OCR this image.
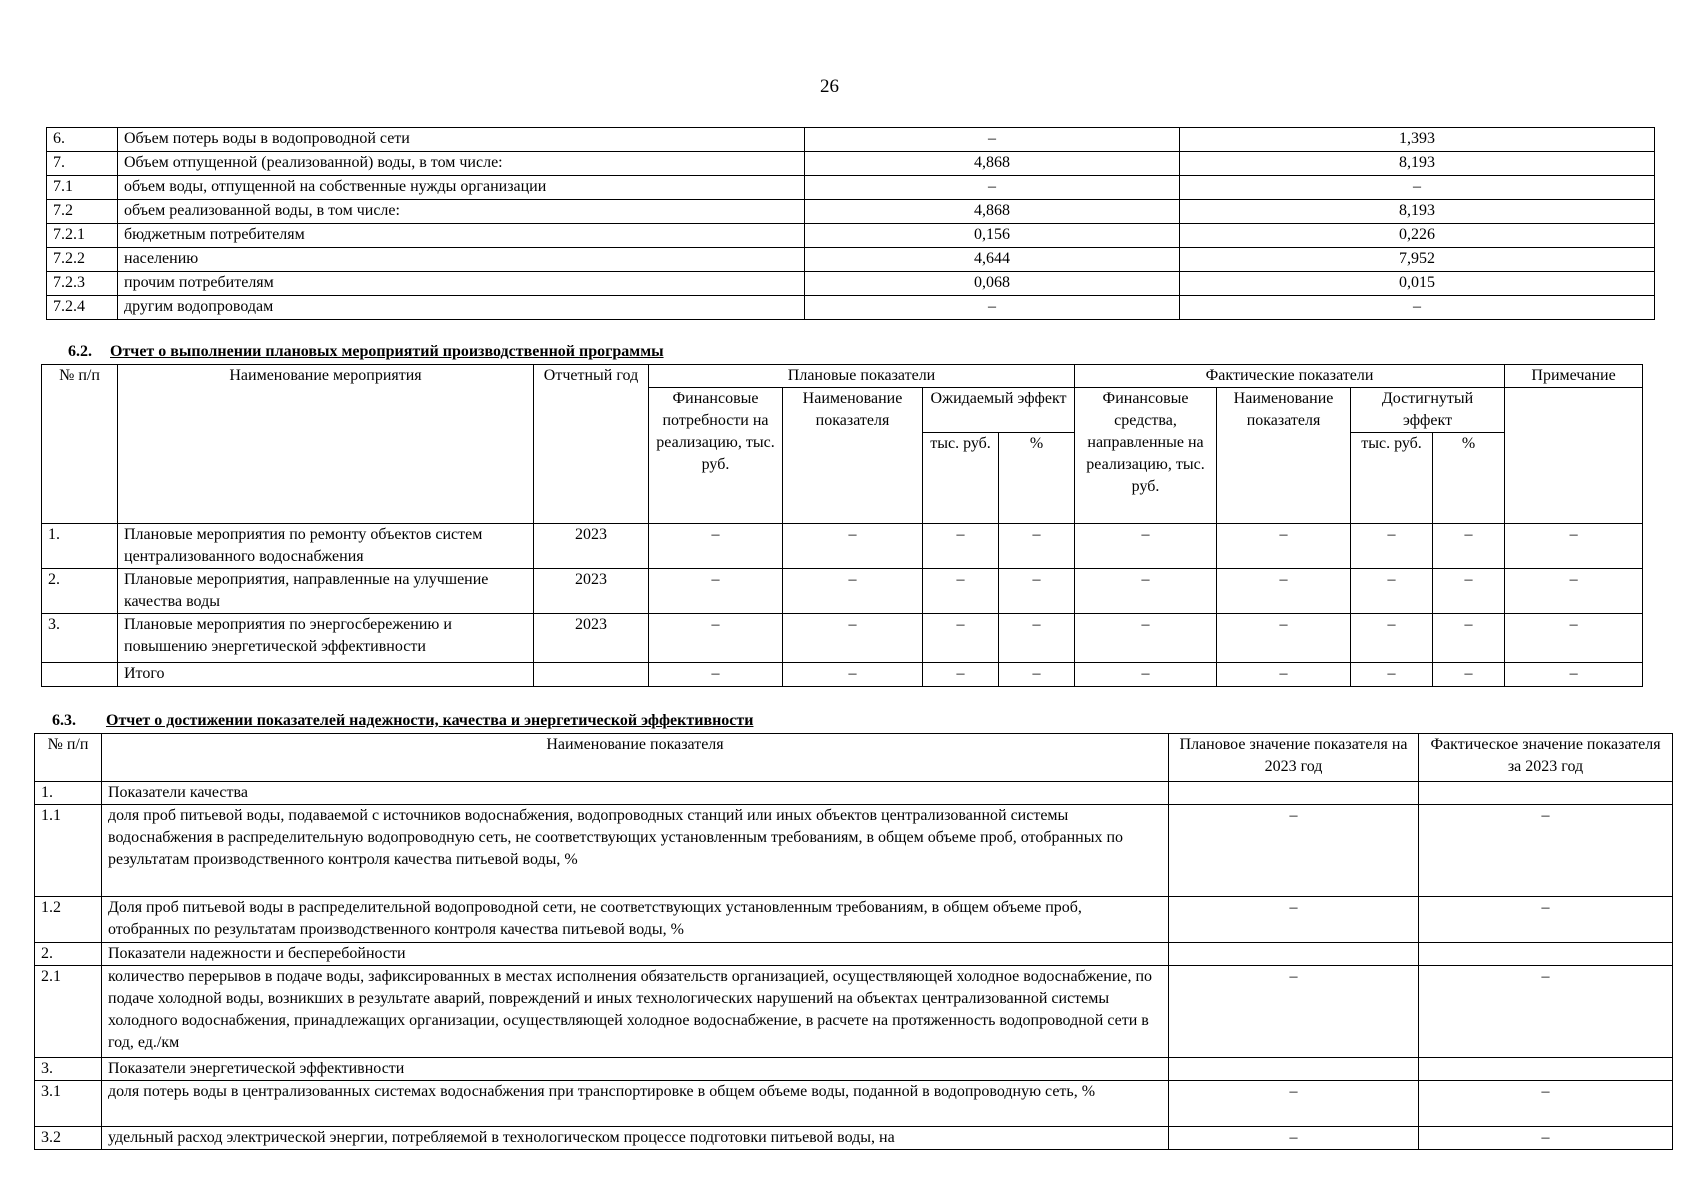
26
6.	Объем потерь воды в водопроводной сети	–	1,393
7.	Объем отпущенной (реализованной) воды, в том числе:	4,868	8,193
7.1	объем воды, отпущенной на собственные нужды организации	–	–
7.2	объем реализованной воды, в том числе:	4,868	8,193
7.2.1	бюджетным потребителям	0,156	0,226
7.2.2	населению	4,644	7,952
7.2.3	прочим потребителям	0,068	0,015
7.2.4	другим водопроводам	–	–
6.2. Отчет о выполнении плановых мероприятий производственной программы
№ п/п	Наименование мероприятия	Отчетный год	Плановые показатели				Фактические показатели				Примечание
			Финансовые потребности на реализацию, тыс. руб.	Наименование показателя	Ожидаемый эффект		Финансовые средства, направленные на реализацию, тыс. руб.	Наименование показателя	Достигнутый эффект		
					тыс. руб.	%			тыс. руб.	%	
1.	Плановые мероприятия по ремонту объектов систем централизованного водоснабжения	2023	–	–	–	–	–	–	–	–	–
2.	Плановые мероприятия, направленные на улучшение качества воды	2023	–	–	–	–	–	–	–	–	–
3.	Плановые мероприятия по энергосбережению и повышению энергетической эффективности	2023	–	–	–	–	–	–	–	–	–
	Итого		–	–	–	–	–	–	–	–	–
6.3. Отчет о достижении показателей надежности, качества и энергетической эффективности
№ п/п	Наименование показателя	Плановое значение показателя на 2023 год	Фактическое значение показателя за 2023 год
1.	Показатели качества		
1.1	доля проб питьевой воды, подаваемой с источников водоснабжения, водопроводных станций или иных объектов централизованной системы водоснабжения в распределительную водопроводную сеть, не соответствующих установленным требованиям, в общем объеме проб, отобранных по результатам производственного контроля качества питьевой воды, %	–	–
1.2	Доля проб питьевой воды в распределительной водопроводной сети, не соответствующих установленным требованиям, в общем объеме проб, отобранных по результатам производственного контроля качества питьевой воды, %	–	–
2.	Показатели надежности и бесперебойности		
2.1	количество перерывов в подаче воды, зафиксированных в местах исполнения обязательств организацией, осуществляющей холодное водоснабжение, по подаче холодной воды, возникших в результате аварий, повреждений и иных технологических нарушений на объектах централизованной системы холодного водоснабжения, принадлежащих организации, осуществляющей холодное водоснабжение, в расчете на протяженность водопроводной сети в год, ед./км	–	–
3.	Показатели энергетической эффективности		
3.1	доля потерь воды в централизованных системах водоснабжения при транспортировке в общем объеме воды, поданной в водопроводную сеть, %	–	–
3.2	удельный расход электрической энергии, потребляемой в технологическом процессе подготовки питьевой воды, на	–	–
